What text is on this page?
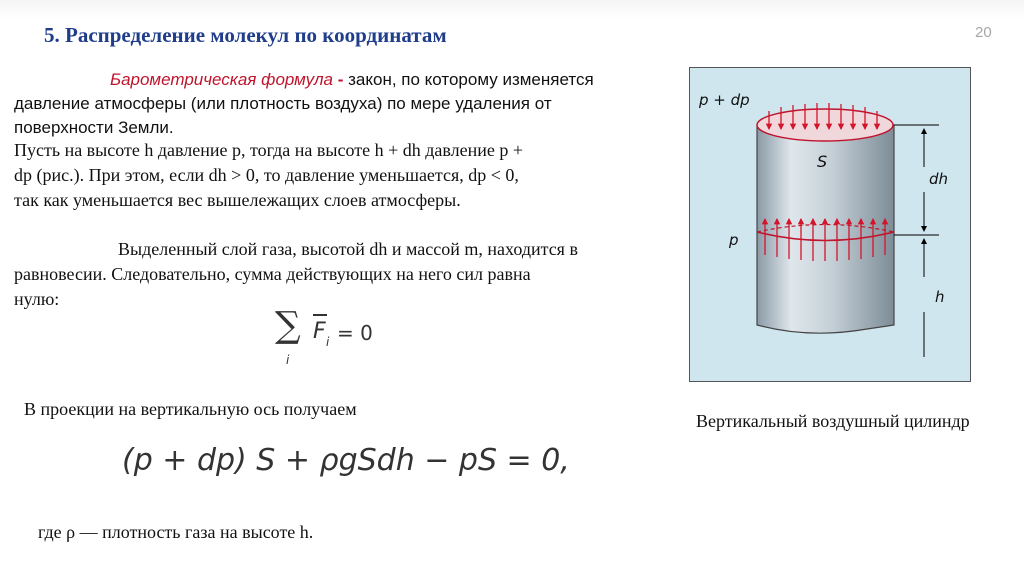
5. Распределение молекул по координатам	20
Барометрическая формула - закон, по которому изменяется
давление атмосферы (или плотность воздуха) по мере удаления от
поверхности Земли.
Пусть на высоте h давление p, тогда на высоте h + dh давление p +
dp (рис.). При этом, если dh > 0, то давление уменьшается, dp < 0,
так как уменьшается вес вышележащих слоев атмосферы.
Выделенный слой газа, высотой dh и массой m, находится в
равновесии. Следовательно, сумма действующих на него сил равна
нулю:
∑
i
F i = 0
В проекции на вертикальную ось получаем
(p + dp) S + ρgSdh − pS = 0,
где ρ — плотность газа на высоте h.
p + dp
S
dh
p
h
Вертикальный воздушный цилиндр
